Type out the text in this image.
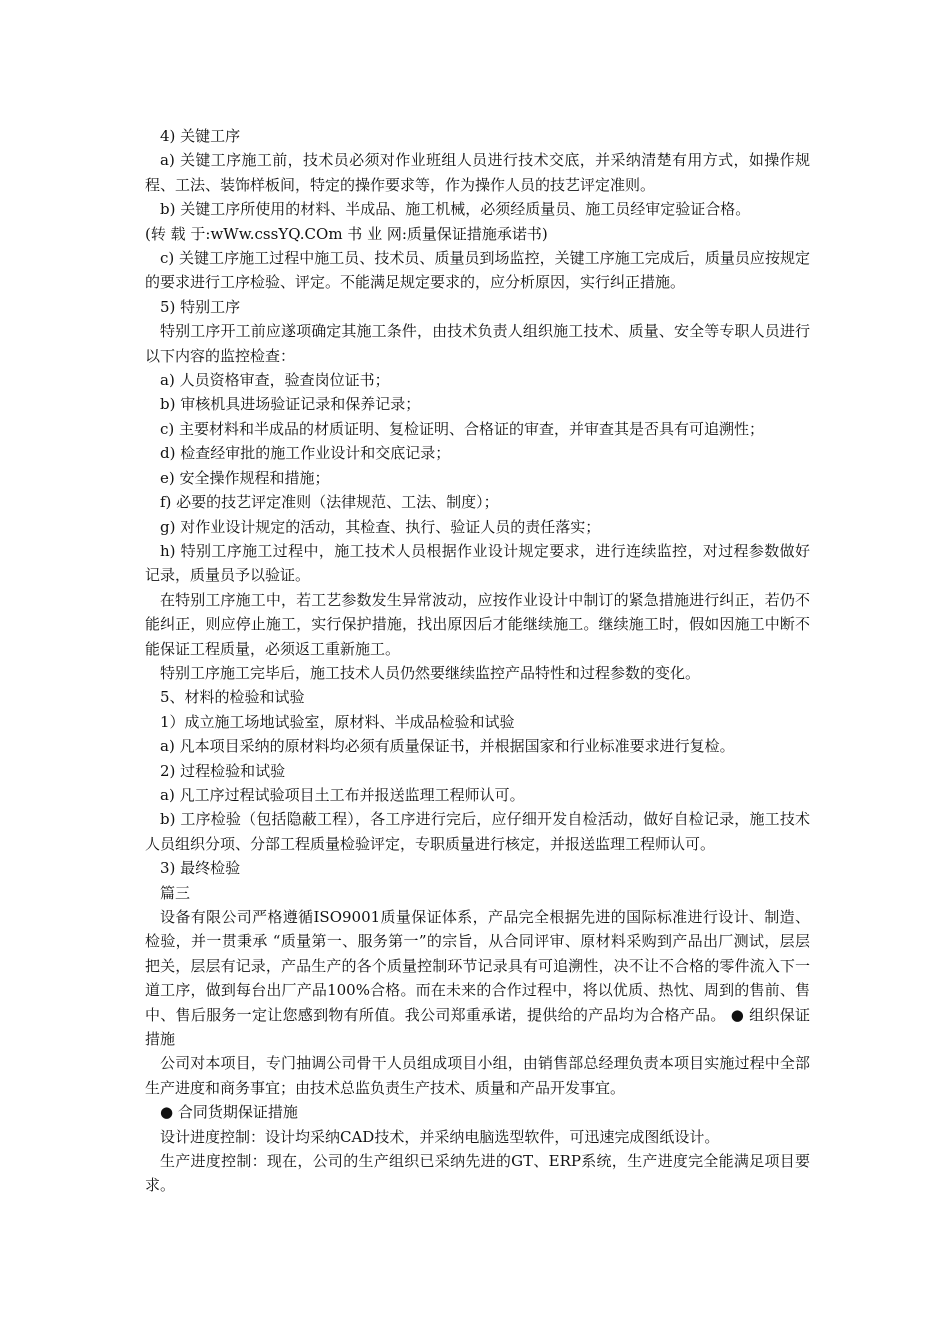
4) 关键工序

a) 关键工序施工前，技术员必须对作业班组人员进行技术交底，并采纳清楚有用方式，如操作规程、工法、装饰样板间，特定的操作要求等，作为操作人员的技艺评定准则。

b) 关键工序所使用的材料、半成品、施工机械，必须经质量员、施工员经审定验证合格。

(转 载 于:wWw.cssYQ.COm 书 业 网:质量保证措施承诺书)

c) 关键工序施工过程中施工员、技术员、质量员到场监控，关键工序施工完成后，质量员应按规定的要求进行工序检验、评定。不能满足规定要求的，应分析原因，实行纠正措施。

5) 特别工序

特别工序开工前应遂项确定其施工条件，由技术负责人组织施工技术、质量、安全等专职人员进行以下内容的监控检查：

a) 人员资格审查，验查岗位证书；

b) 审核机具进场验证记录和保养记录；

c) 主要材料和半成品的材质证明、复检证明、合格证的审查，并审查其是否具有可追溯性；

d) 检查经审批的施工作业设计和交底记录；

e) 安全操作规程和措施；

f) 必要的技艺评定准则（法律规范、工法、制度）；

g) 对作业设计规定的活动，其检查、执行、验证人员的责任落实；

h) 特别工序施工过程中，施工技术人员根据作业设计规定要求，进行连续监控，对过程参数做好记录，质量员予以验证。

在特别工序施工中，若工艺参数发生异常波动，应按作业设计中制订的紧急措施进行纠正，若仍不能纠正，则应停止施工，实行保护措施，找出原因后才能继续施工。继续施工时，假如因施工中断不能保证工程质量，必须返工重新施工。

特别工序施工完毕后，施工技术人员仍然要继续监控产品特性和过程参数的变化。

5、材料的检验和试验

1）成立施工场地试验室，原材料、半成品检验和试验

a) 凡本项目采纳的原材料均必须有质量保证书，并根据国家和行业标准要求进行复检。

2) 过程检验和试验

a) 凡工序过程试验项目土工布并报送监理工程师认可。

b) 工序检验（包括隐蔽工程），各工序进行完后，应仔细开发自检活动，做好自检记录，施工技术人员组织分项、分部工程质量检验评定，专职质量进行核定，并报送监理工程师认可。

3) 最终检验

篇三

设备有限公司严格遵循ISO9001质量保证体系，产品完全根据先进的国际标准进行设计、制造、检验，并一贯秉承 “质量第一、服务第一”的宗旨，从合同评审、原材料采购到产品出厂测试，层层把关，层层有记录，产品生产的各个质量控制环节记录具有可追溯性，决不让不合格的零件流入下一道工序，做到每台出厂产品100%合格。而在未来的合作过程中，将以优质、热忱、周到的售前、售中、售后服务一定让您感到物有所值。我公司郑重承诺，提供给的产品均为合格产品。 ● 组织保证措施

公司对本项目，专门抽调公司骨干人员组成项目小组，由销售部总经理负责本项目实施过程中全部生产进度和商务事宜；由技术总监负责生产技术、质量和产品开发事宜。

● 合同货期保证措施

设计进度控制：设计均采纳CAD技术，并采纳电脑选型软件，可迅速完成图纸设计。

生产进度控制：现在，公司的生产组织已采纳先进的GT、ERP系统，生产进度完全能满足项目要求。
